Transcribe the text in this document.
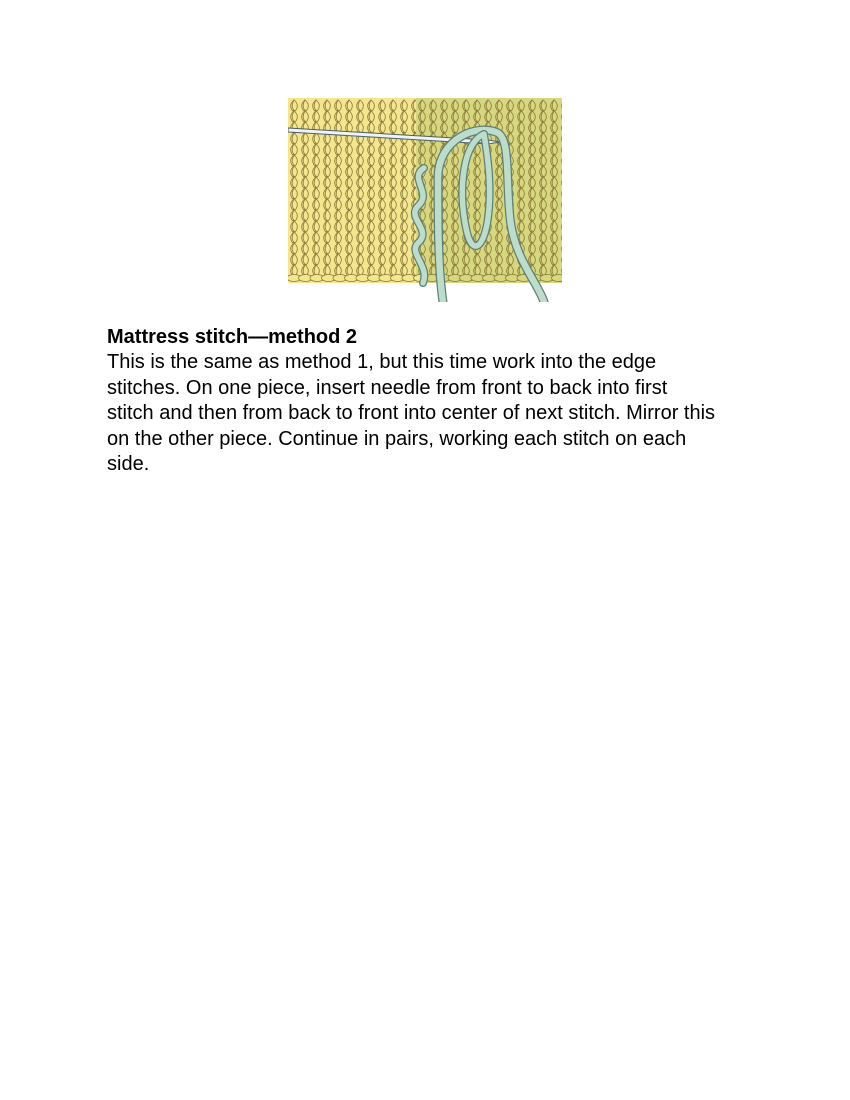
Mattress stitch—method 2

This is the same as method 1, but this time work into the edge
stitches. On one piece, insert needle from front to back into first
stitch and then from back to front into center of next stitch. Mirror this
on the other piece. Continue in pairs, working each stitch on each
side.
